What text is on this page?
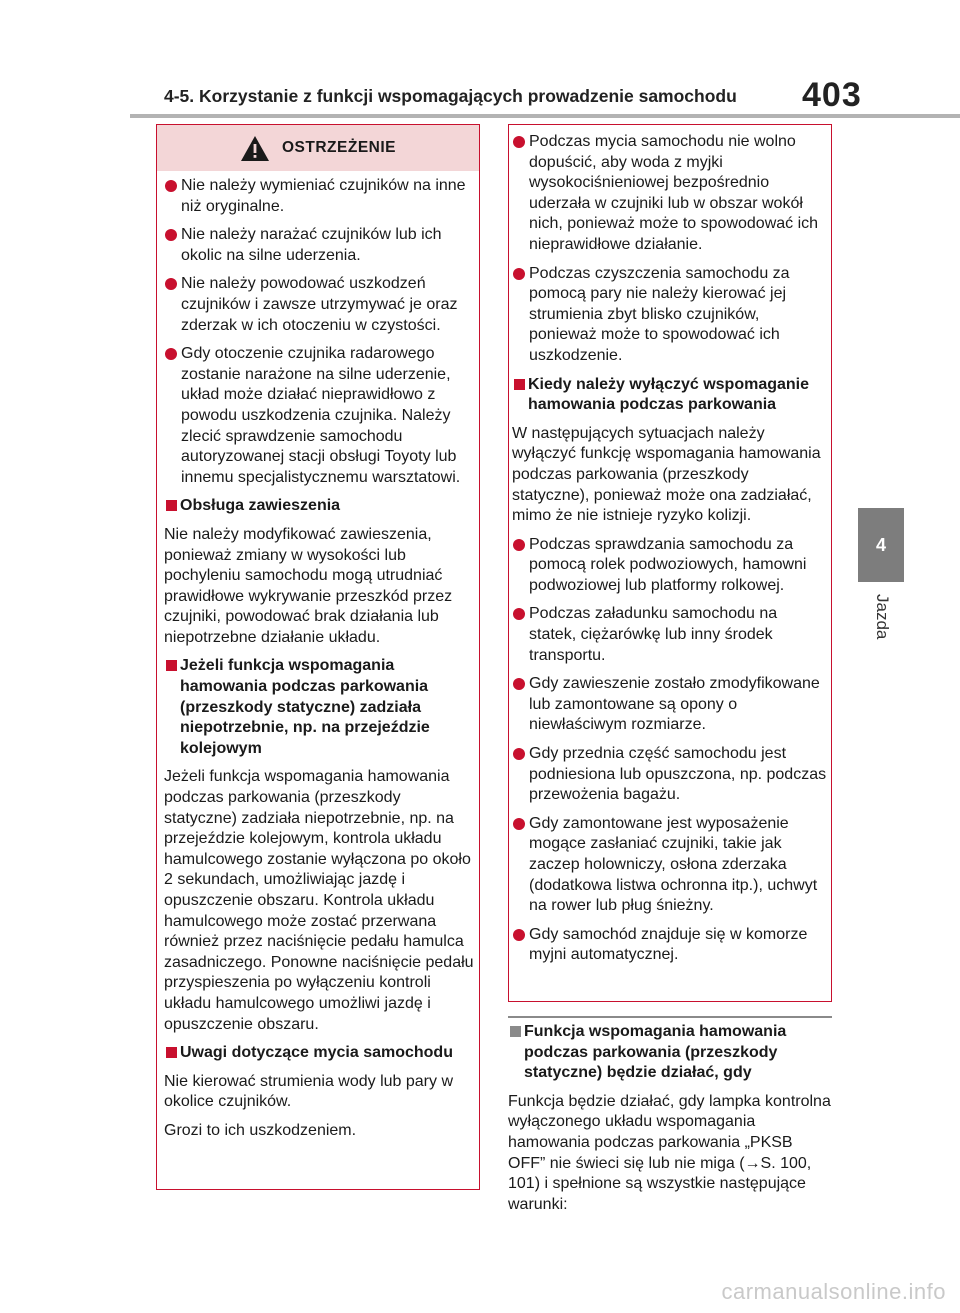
4-5. Korzystanie z funkcji wspomagających prowadzenie samochodu 403
4
Jazda
OSTRZEŻENIE

Nie należy wymieniać czujników na inne niż oryginalne.

Nie należy narażać czujników lub ich okolic na silne uderzenia.

Nie należy powodować uszkodzeń czujników i zawsze utrzymywać je oraz zderzak w ich otoczeniu w czystości.

Gdy otoczenie czujnika radarowego zostanie narażone na silne uderzenie, układ może działać nieprawidłowo z powodu uszkodzenia czujnika. Należy zlecić sprawdzenie samochodu autoryzowanej stacji obsługi Toyoty lub innemu specjalistycznemu warsztatowi.

Obsługa zawieszenia

Nie należy modyfikować zawieszenia, ponieważ zmiany w wysokości lub pochyleniu samochodu mogą utrudniać prawidłowe wykrywanie przeszkód przez czujniki, powodować brak działania lub niepotrzebne działanie układu.

Jeżeli funkcja wspomagania hamowania podczas parkowania (przeszkody statyczne) zadziała niepotrzebnie, np. na przejeździe kolejowym

Jeżeli funkcja wspomagania hamowania podczas parkowania (przeszkody statyczne) zadziała niepotrzebnie, np. na przejeździe kolejowym, kontrola układu hamulcowego zostanie wyłączona po około 2 sekundach, umożliwiając jazdę i opuszczenie obszaru. Kontrola układu hamulcowego może zostać przerwana również przez naciśnięcie pedału hamulca zasadniczego. Ponowne naciśnięcie pedału przyspieszenia po wyłączeniu kontroli układu hamulcowego umożliwi jazdę i opuszczenie obszaru.

Uwagi dotyczące mycia samochodu

Nie kierować strumienia wody lub pary w okolice czujników.

Grozi to ich uszkodzeniem.

Podczas mycia samochodu nie wolno dopuścić, aby woda z myjki wysokociśnieniowej bezpośrednio uderzała w czujniki lub w obszar wokół nich, ponieważ może to spowodować ich nieprawidłowe działanie.

Podczas czyszczenia samochodu za pomocą pary nie należy kierować jej strumienia zbyt blisko czujników, ponieważ może to spowodować ich uszkodzenie.

Kiedy należy wyłączyć wspomaganie hamowania podczas parkowania

W następujących sytuacjach należy wyłączyć funkcję wspomagania hamowania podczas parkowania (przeszkody statyczne), ponieważ może ona zadziałać, mimo że nie istnieje ryzyko kolizji.

Podczas sprawdzania samochodu za pomocą rolek podwoziowych, hamowni podwoziowej lub platformy rolkowej.

Podczas załadunku samochodu na statek, ciężarówkę lub inny środek transportu.

Gdy zawieszenie zostało zmodyfikowane lub zamontowane są opony o niewłaściwym rozmiarze.

Gdy przednia część samochodu jest podniesiona lub opuszczona, np. podczas przewożenia bagażu.

Gdy zamontowane jest wyposażenie mogące zasłaniać czujniki, takie jak zaczep holowniczy, osłona zderzaka (dodatkowa listwa ochronna itp.), uchwyt na rower lub pług śnieżny.

Gdy samochód znajduje się w komorze myjni automatycznej.

Funkcja wspomagania hamowania podczas parkowania (przeszkody statyczne) będzie działać, gdy

Funkcja będzie działać, gdy lampka kontrolna wyłączonego układu wspomagania hamowania podczas parkowania „PKSB OFF” nie świeci się lub nie miga (→S. 100, 101) i spełnione są wszystkie następujące warunki:

carmanualsonline.info
